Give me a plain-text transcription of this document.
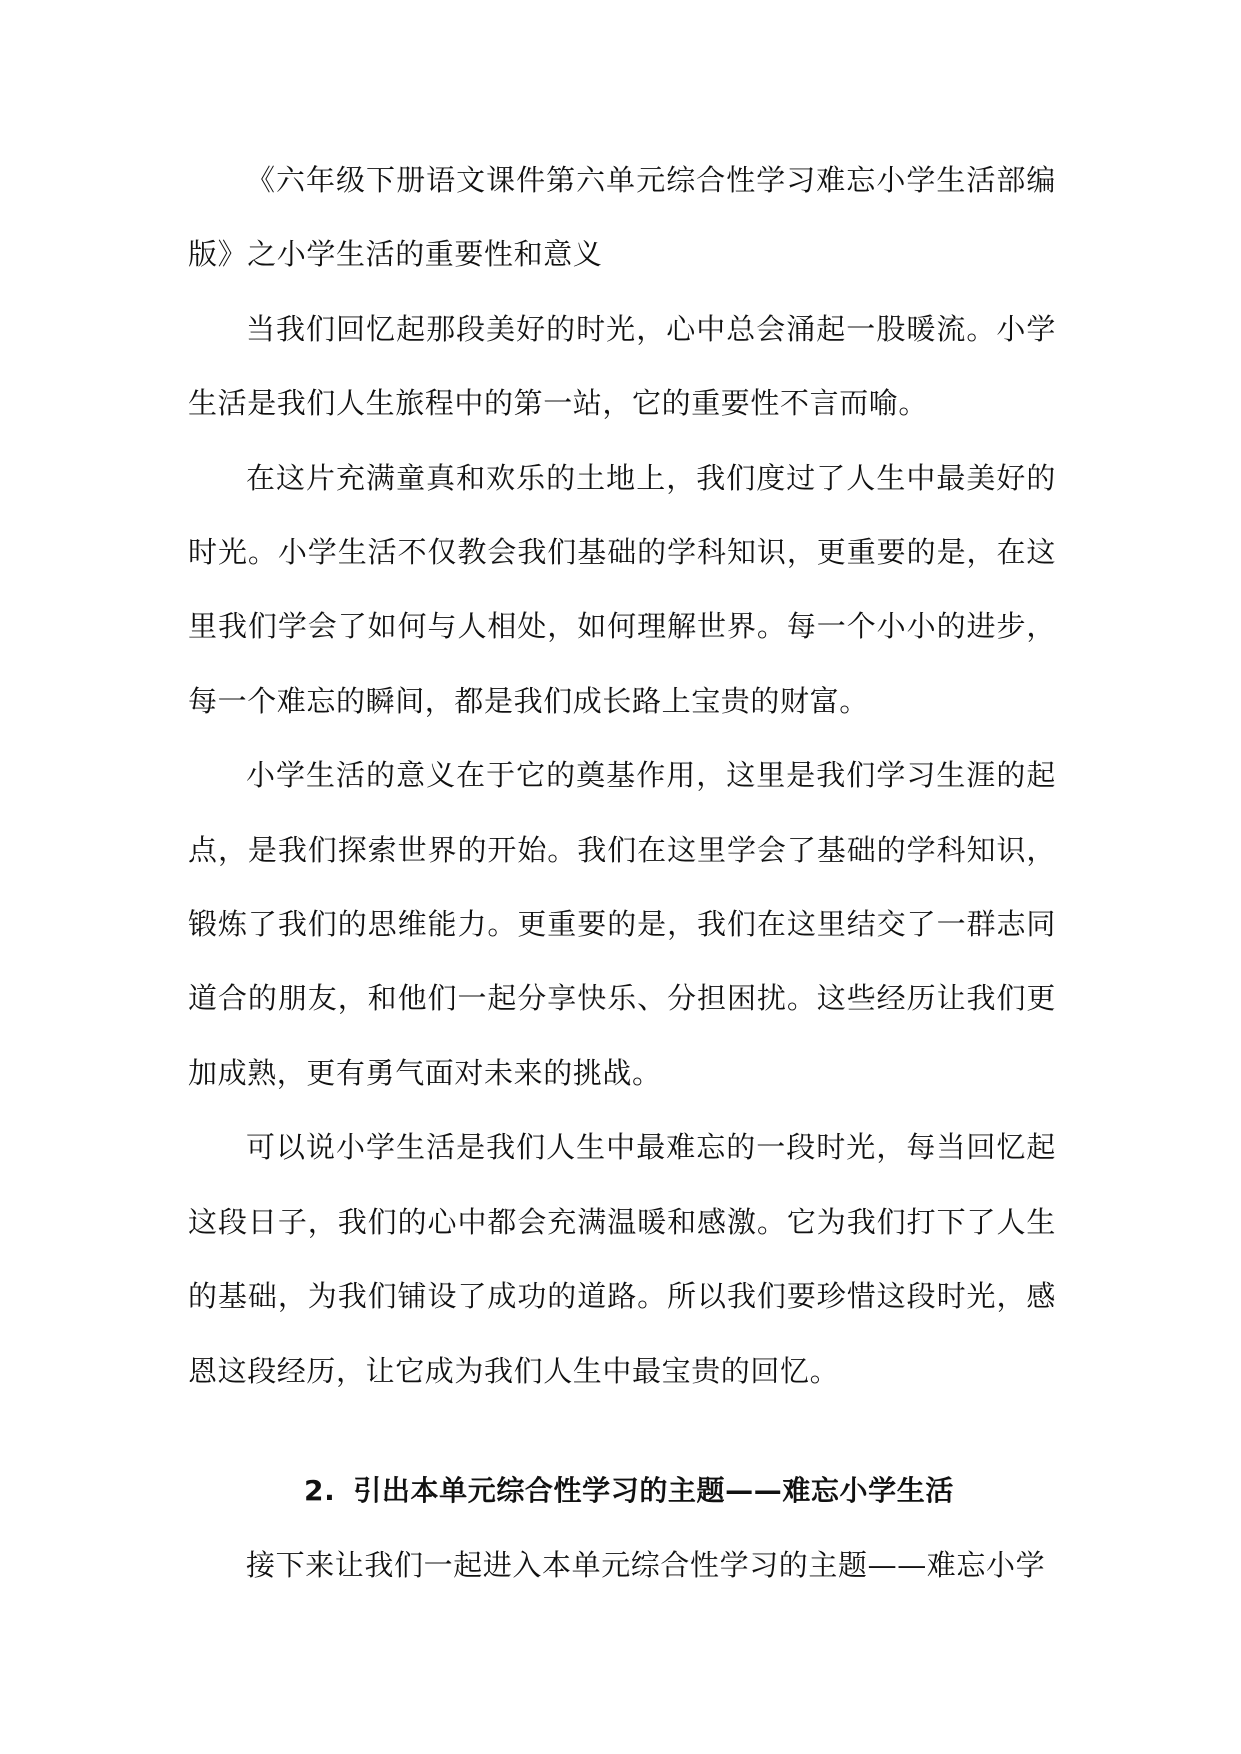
《六年级下册语文课件第六单元综合性学习难忘小学生活部编版》之小学生活的重要性和意义

当我们回忆起那段美好的时光，心中总会涌起一股暖流。小学生活是我们人生旅程中的第一站，它的重要性不言而喻。

在这片充满童真和欢乐的土地上，我们度过了人生中最美好的时光。小学生活不仅教会我们基础的学科知识，更重要的是，在这里我们学会了如何与人相处，如何理解世界。每一个小小的进步，每一个难忘的瞬间，都是我们成长路上宝贵的财富。

小学生活的意义在于它的奠基作用，这里是我们学习生涯的起点，是我们探索世界的开始。我们在这里学会了基础的学科知识，锻炼了我们的思维能力。更重要的是，我们在这里结交了一群志同道合的朋友，和他们一起分享快乐、分担困扰。这些经历让我们更加成熟，更有勇气面对未来的挑战。

可以说小学生活是我们人生中最难忘的一段时光，每当回忆起这段日子，我们的心中都会充满温暖和感激。它为我们打下了人生的基础，为我们铺设了成功的道路。所以我们要珍惜这段时光，感恩这段经历，让它成为我们人生中最宝贵的回忆。

2. 引出本单元综合性学习的主题——难忘小学生活

接下来让我们一起进入本单元综合性学习的主题——难忘小学
